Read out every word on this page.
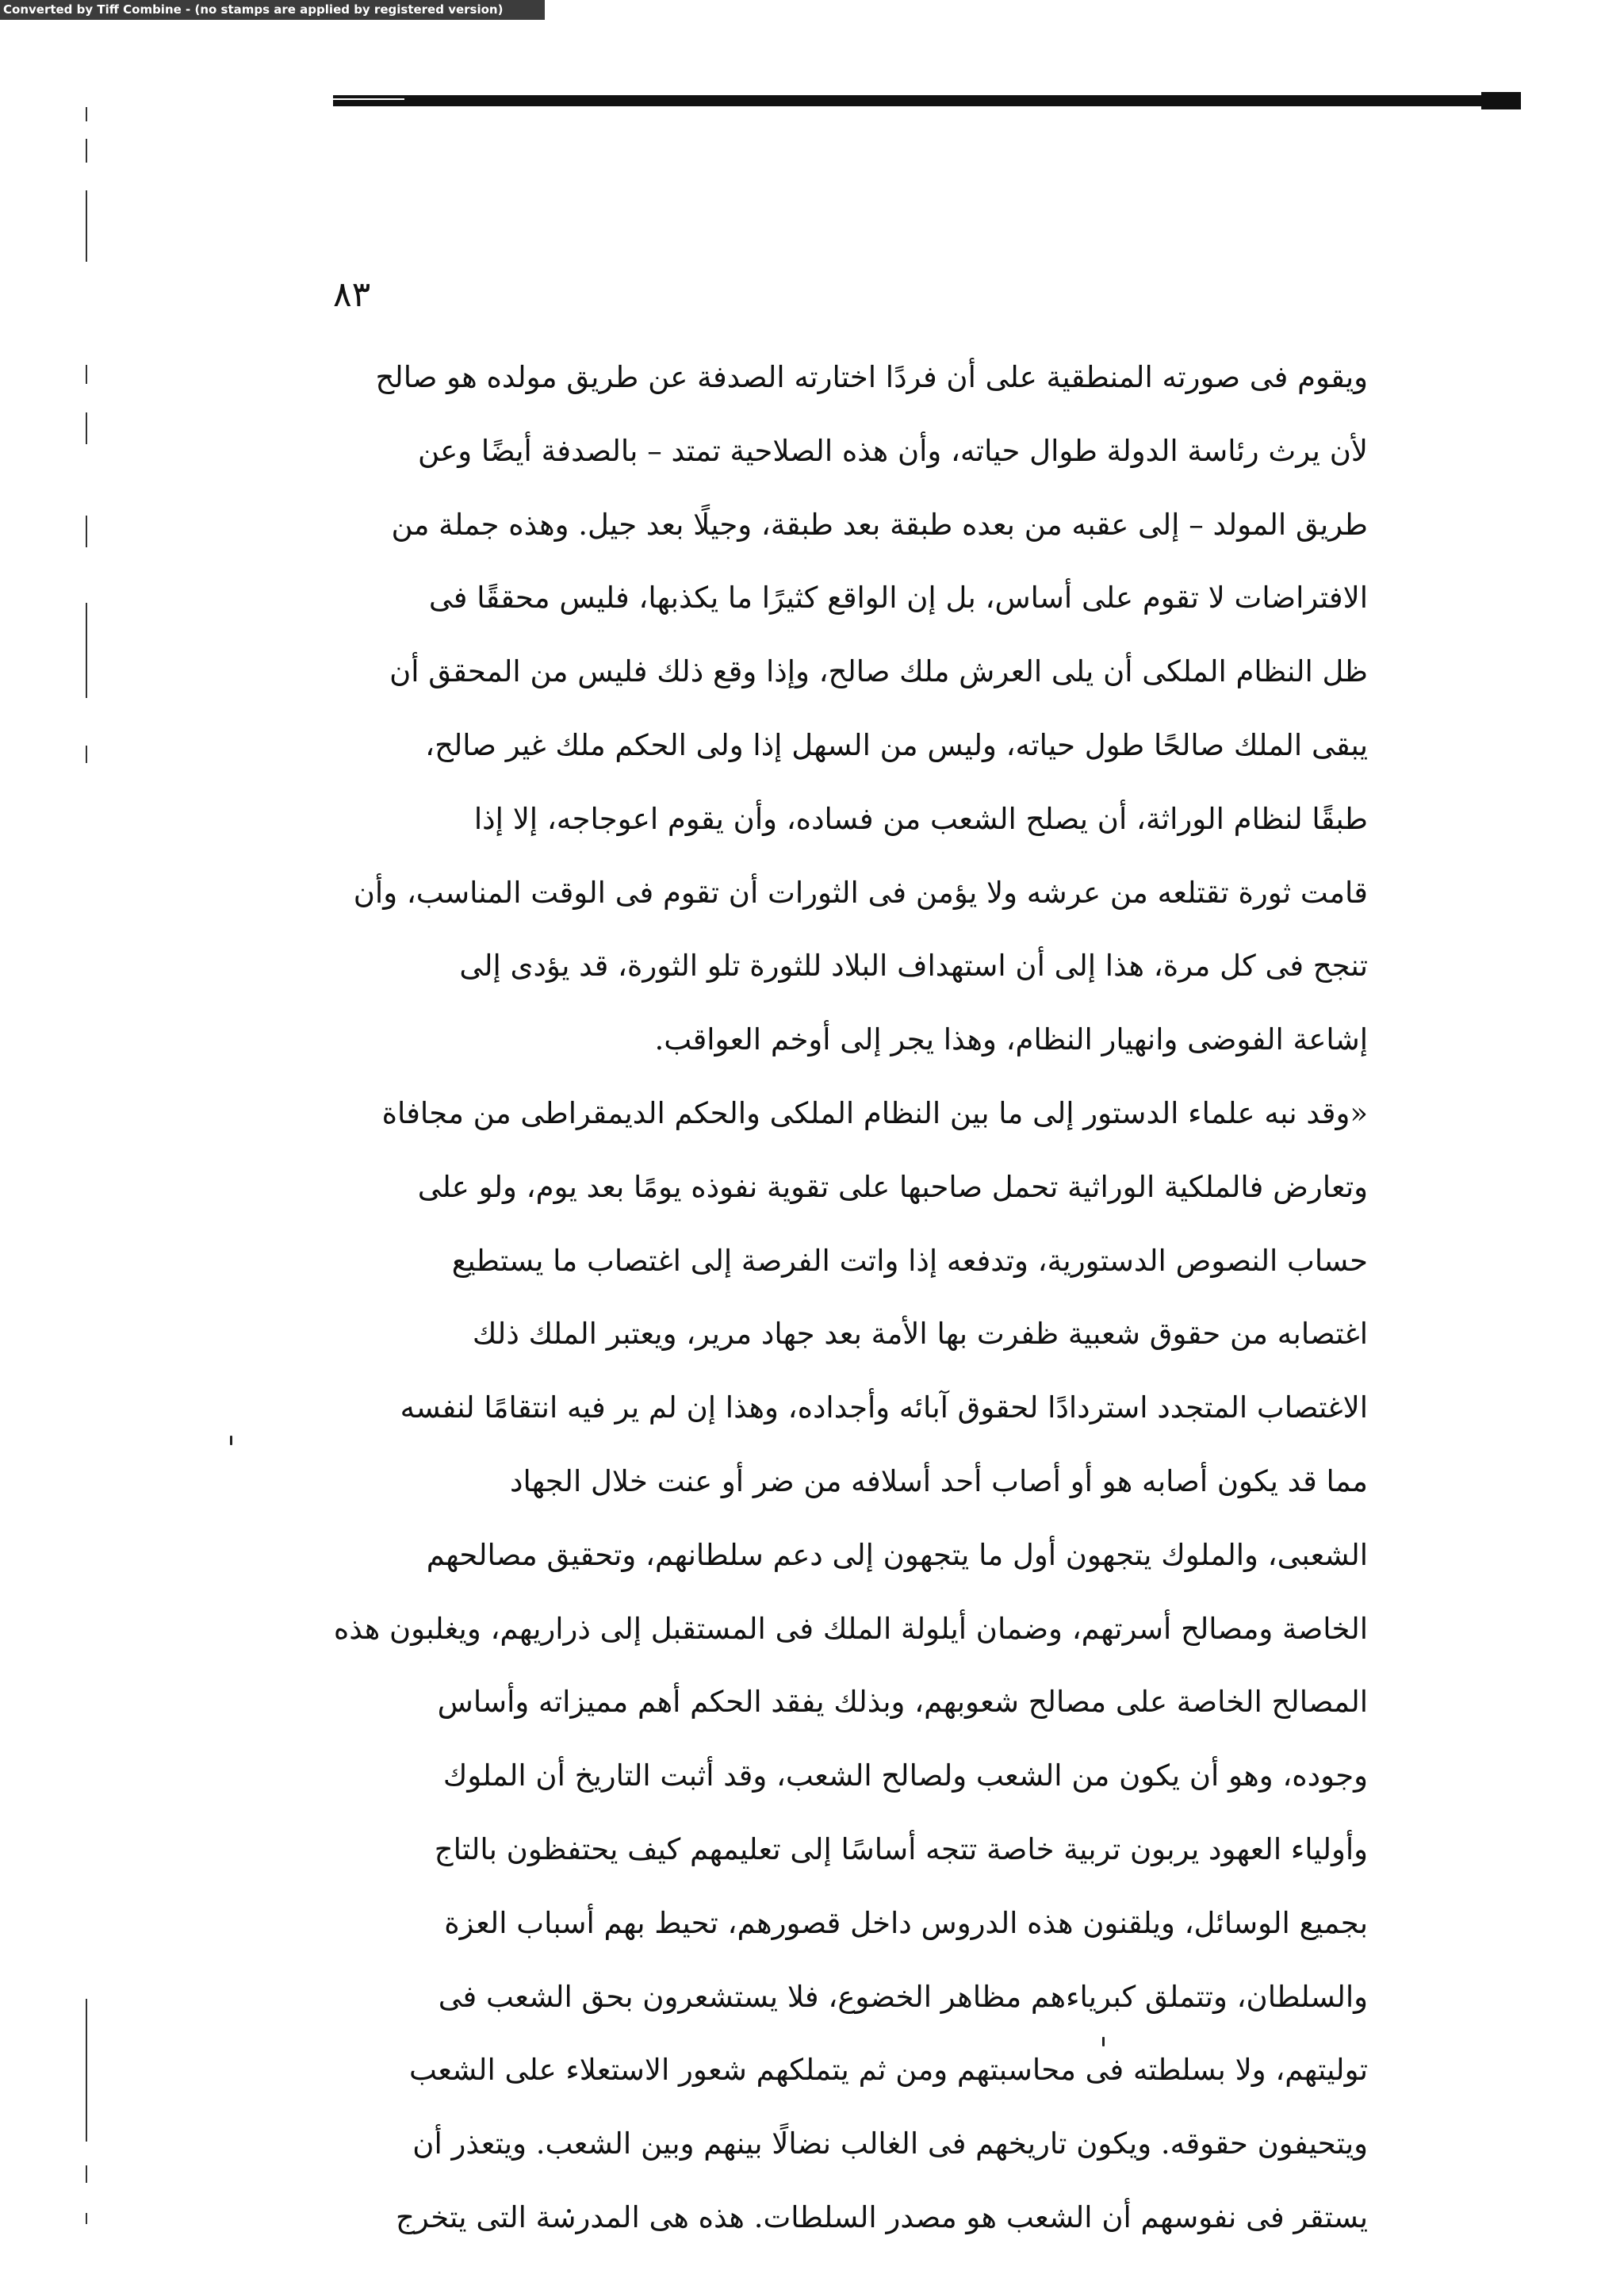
Converted by Tiff Combine - (no stamps are applied by registered version)
٨٣
ويقوم فى صورته المنطقية على أن فردًا اختارته الصدفة عن طريق مولده هو صالح
لأن يرث رئاسة الدولة طوال حياته، وأن هذه الصلاحية تمتد – بالصدفة أيضًا وعن
طريق المولد – إلى عقبه من بعده طبقة بعد طبقة، وجيلًا بعد جيل. وهذه جملة من
الافتراضات لا تقوم على أساس، بل إن الواقع كثيرًا ما يكذبها، فليس محققًا فى
ظل النظام الملكى أن يلى العرش ملك صالح، وإذا وقع ذلك فليس من المحقق أن
يبقى الملك صالحًا طول حياته، وليس من السهل إذا ولى الحكم ملك غير صالح،
طبقًا لنظام الوراثة، أن يصلح الشعب من فساده، وأن يقوم اعوجاجه، إلا إذا
قامت ثورة تقتلعه من عرشه ولا يؤمن فى الثورات أن تقوم فى الوقت المناسب، وأن
تنجح فى كل مرة، هذا إلى أن استهداف البلاد للثورة تلو الثورة، قد يؤدى إلى
إشاعة الفوضى وانهيار النظام، وهذا يجر إلى أوخم العواقب.
«وقد نبه علماء الدستور إلى ما بين النظام الملكى والحكم الديمقراطى من مجافاة
وتعارض فالملكية الوراثية تحمل صاحبها على تقوية نفوذه يومًا بعد يوم، ولو على
حساب النصوص الدستورية، وتدفعه إذا واتت الفرصة إلى اغتصاب ما يستطيع
اغتصابه من حقوق شعبية ظفرت بها الأمة بعد جهاد مرير، ويعتبر الملك ذلك
الاغتصاب المتجدد استردادًا لحقوق آبائه وأجداده، وهذا إن لم ير فيه انتقامًا لنفسه
مما قد يكون أصابه هو أو أصاب أحد أسلافه من ضر أو عنت خلال الجهاد
الشعبى، والملوك يتجهون أول ما يتجهون إلى دعم سلطانهم، وتحقيق مصالحهم
الخاصة ومصالح أسرتهم، وضمان أيلولة الملك فى المستقبل إلى ذراريهم، ويغلبون هذه
المصالح الخاصة على مصالح شعوبهم، وبذلك يفقد الحكم أهم مميزاته وأساس
وجوده، وهو أن يكون من الشعب ولصالح الشعب، وقد أثبت التاريخ أن الملوك
وأولياء العهود يربون تربية خاصة تتجه أساسًا إلى تعليمهم كيف يحتفظون بالتاج
بجميع الوسائل، ويلقنون هذه الدروس داخل قصورهم، تحيط بهم أسباب العزة
والسلطان، وتتملق كبرياءهم مظاهر الخضوع، فلا يستشعرون بحق الشعب فى
توليتهم، ولا بسلطته فى محاسبتهم ومن ثم يتملكهم شعور الاستعلاء على الشعب
ويتحيفون حقوقه. ويكون تاريخهم فى الغالب نضالًا بينهم وبين الشعب. ويتعذر أن
يستقر فى نفوسهم أن الشعب هو مصدر السلطات. هذه هى المدرسة التى يتخرج
